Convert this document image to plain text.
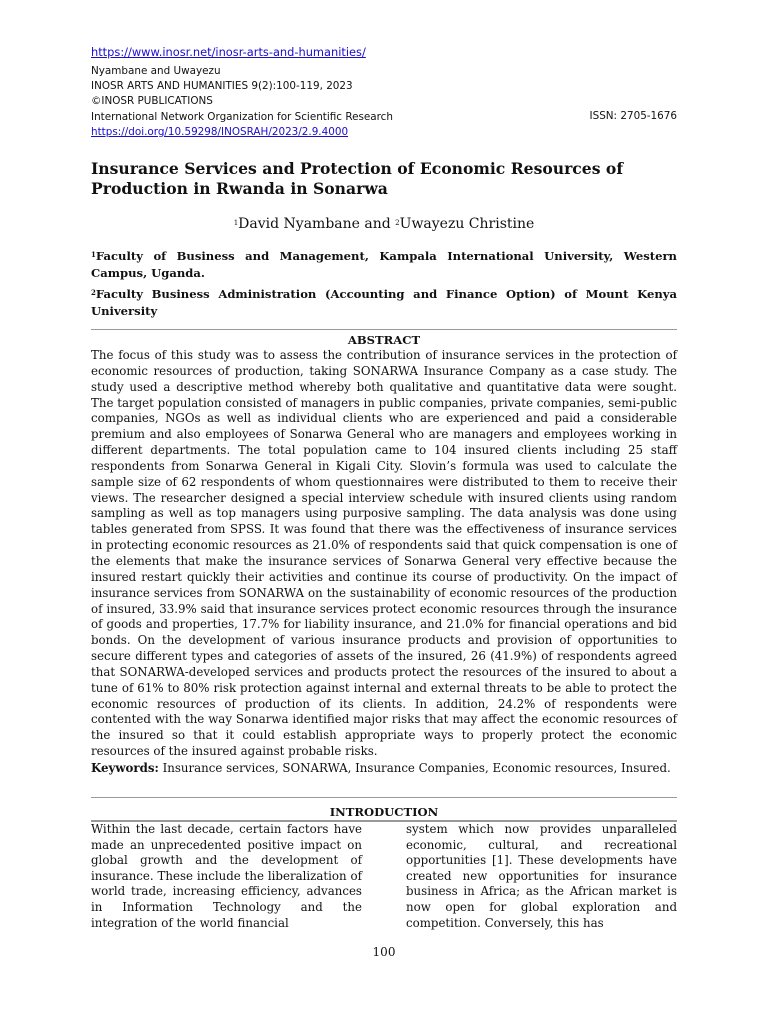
https://www.inosr.net/inosr-arts-and-humanities/
Nyambane and Uwayezu
INOSR ARTS AND HUMANITIES 9(2):100-119, 2023
©INOSR PUBLICATIONS
International Network Organization for Scientific Research	ISSN: 2705-1676
https://doi.org/10.59298/INOSRAH/2023/2.9.4000
Insurance Services and Protection of Economic Resources of Production in Rwanda in Sonarwa
$^1$David Nyambane and $^2$Uwayezu Christine
$^1$Faculty of Business and Management, Kampala International University, Western Campus, Uganda.
$^2$Faculty Business Administration (Accounting and Finance Option) of Mount Kenya University
ABSTRACT
The focus of this study was to assess the contribution of insurance services in the protection of economic resources of production, taking SONARWA Insurance Company as a case study. The study used a descriptive method whereby both qualitative and quantitative data were sought. The target population consisted of managers in public companies, private companies, semi-public companies, NGOs as well as individual clients who are experienced and paid a considerable premium and also employees of Sonarwa General who are managers and employees working in different departments. The total population came to 104 insured clients including 25 staff respondents from Sonarwa General in Kigali City. Slovin’s formula was used to calculate the sample size of 62 respondents of whom questionnaires were distributed to them to receive their views. The researcher designed a special interview schedule with insured clients using random sampling as well as top managers using purposive sampling. The data analysis was done using tables generated from SPSS. It was found that there was the effectiveness of insurance services in protecting economic resources as 21.0% of respondents said that quick compensation is one of the elements that make the insurance services of Sonarwa General very effective because the insured restart quickly their activities and continue its course of productivity. On the impact of insurance services from SONARWA on the sustainability of economic resources of the production of insured, 33.9% said that insurance services protect economic resources through the insurance of goods and properties, 17.7% for liability insurance, and 21.0% for financial operations and bid bonds. On the development of various insurance products and provision of opportunities to secure different types and categories of assets of the insured, 26 (41.9%) of respondents agreed that SONARWA-developed services and products protect the resources of the insured to about a tune of 61% to 80% risk protection against internal and external threats to be able to protect the economic resources of production of its clients. In addition, 24.2% of respondents were contented with the way Sonarwa identified major risks that may affect the economic resources of the insured so that it could establish appropriate ways to properly protect the economic resources of the insured against probable risks.
Keywords: Insurance services, SONARWA, Insurance Companies, Economic resources, Insured.
INTRODUCTION
Within the last decade, certain factors have made an unprecedented positive impact on global growth and the development of insurance. These include the liberalization of world trade, increasing efficiency, advances in Information Technology and the integration of the world financial
system which now provides unparalleled economic, cultural, and recreational opportunities [1]. These developments have created new opportunities for insurance business in Africa; as the African market is now open for global exploration and competition. Conversely, this has
100
